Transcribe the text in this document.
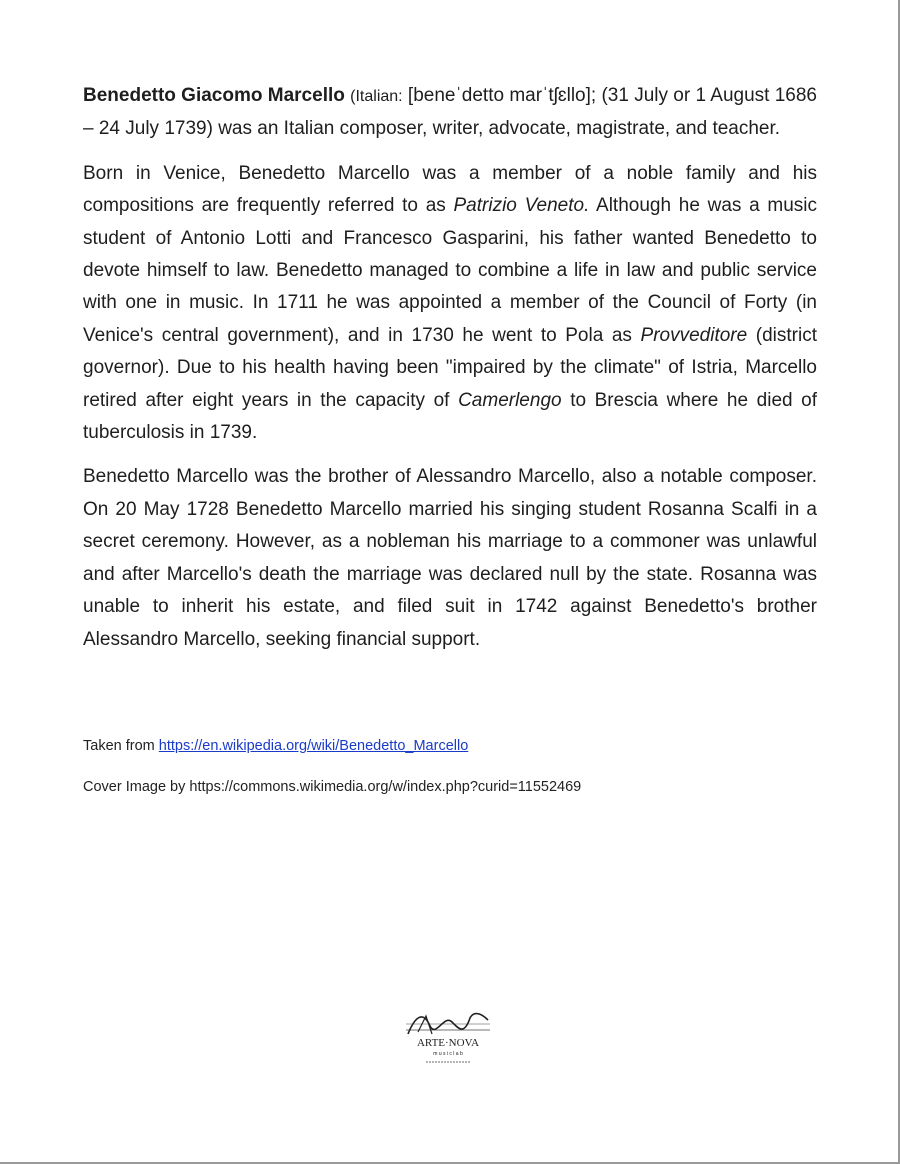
Benedetto Giacomo Marcello (Italian: [beneˈdetto marˈtʃɛllo]; (31 July or 1 August 1686 – 24 July 1739) was an Italian composer, writer, advocate, magistrate, and teacher.

Born in Venice, Benedetto Marcello was a member of a noble family and his compositions are frequently referred to as Patrizio Veneto. Although he was a music student of Antonio Lotti and Francesco Gasparini, his father wanted Benedetto to devote himself to law. Benedetto managed to combine a life in law and public service with one in music. In 1711 he was appointed a member of the Council of Forty (in Venice's central government), and in 1730 he went to Pola as Provveditore (district governor). Due to his health having been "impaired by the climate" of Istria, Marcello retired after eight years in the capacity of Camerlengo to Brescia where he died of tuberculosis in 1739.

Benedetto Marcello was the brother of Alessandro Marcello, also a notable composer. On 20 May 1728 Benedetto Marcello married his singing student Rosanna Scalfi in a secret ceremony. However, as a nobleman his marriage to a commoner was unlawful and after Marcello's death the marriage was declared null by the state. Rosanna was unable to inherit his estate, and filed suit in 1742 against Benedetto's brother Alessandro Marcello, seeking financial support.

Taken from https://en.wikipedia.org/wiki/Benedetto_Marcello

Cover Image by https://commons.wikimedia.org/w/index.php?curid=11552469

ARTE·NOVA
m u s i c l a b
